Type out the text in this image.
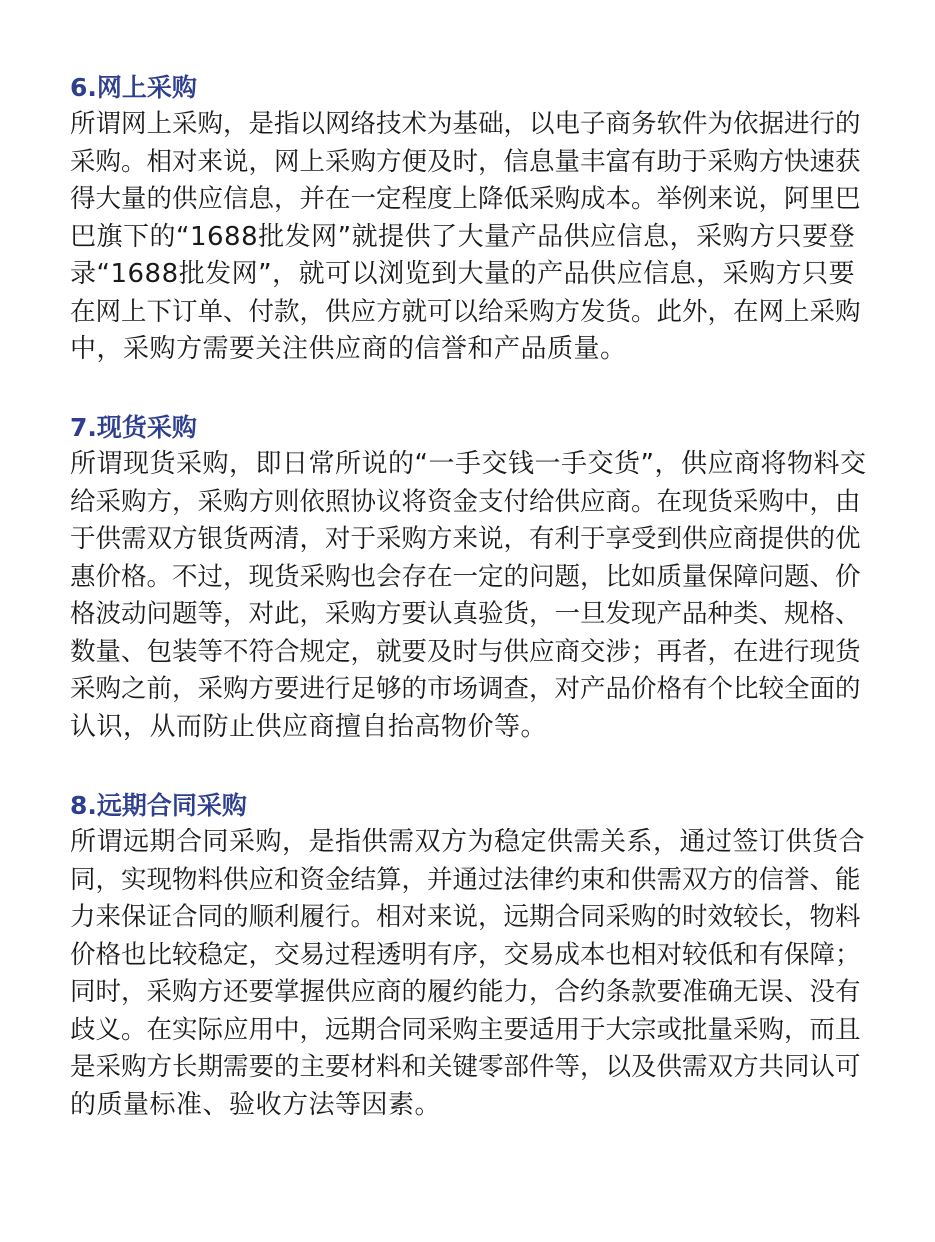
6.网上采购

所谓网上采购，是指以网络技术为基础，以电子商务软件为依据进行的

采购。相对来说，网上采购方便及时，信息量丰富有助于采购方快速获

得大量的供应信息，并在一定程度上降低采购成本。举例来说，阿里巴

巴旗下的“1688批发网”就提供了大量产品供应信息，采购方只要登

录“1688批发网”，就可以浏览到大量的产品供应信息，采购方只要

在网上下订单、付款，供应方就可以给采购方发货。此外，在网上采购

中，采购方需要关注供应商的信誉和产品质量。

7.现货采购

所谓现货采购，即日常所说的“一手交钱一手交货”，供应商将物料交

给采购方，采购方则依照协议将资金支付给供应商。在现货采购中，由

于供需双方银货两清，对于采购方来说，有利于享受到供应商提供的优

惠价格。不过，现货采购也会存在一定的问题，比如质量保障问题、价

格波动问题等，对此，采购方要认真验货，一旦发现产品种类、规格、

数量、包装等不符合规定，就要及时与供应商交涉；再者，在进行现货

采购之前，采购方要进行足够的市场调查，对产品价格有个比较全面的

认识，从而防止供应商擅自抬高物价等。

8.远期合同采购

所谓远期合同采购，是指供需双方为稳定供需关系，通过签订供货合

同，实现物料供应和资金结算，并通过法律约束和供需双方的信誉、能

力来保证合同的顺利履行。相对来说，远期合同采购的时效较长，物料

价格也比较稳定，交易过程透明有序，交易成本也相对较低和有保障；

同时，采购方还要掌握供应商的履约能力，合约条款要准确无误、没有

歧义。在实际应用中，远期合同采购主要适用于大宗或批量采购，而且

是采购方长期需要的主要材料和关键零部件等，以及供需双方共同认可

的质量标准、验收方法等因素。
